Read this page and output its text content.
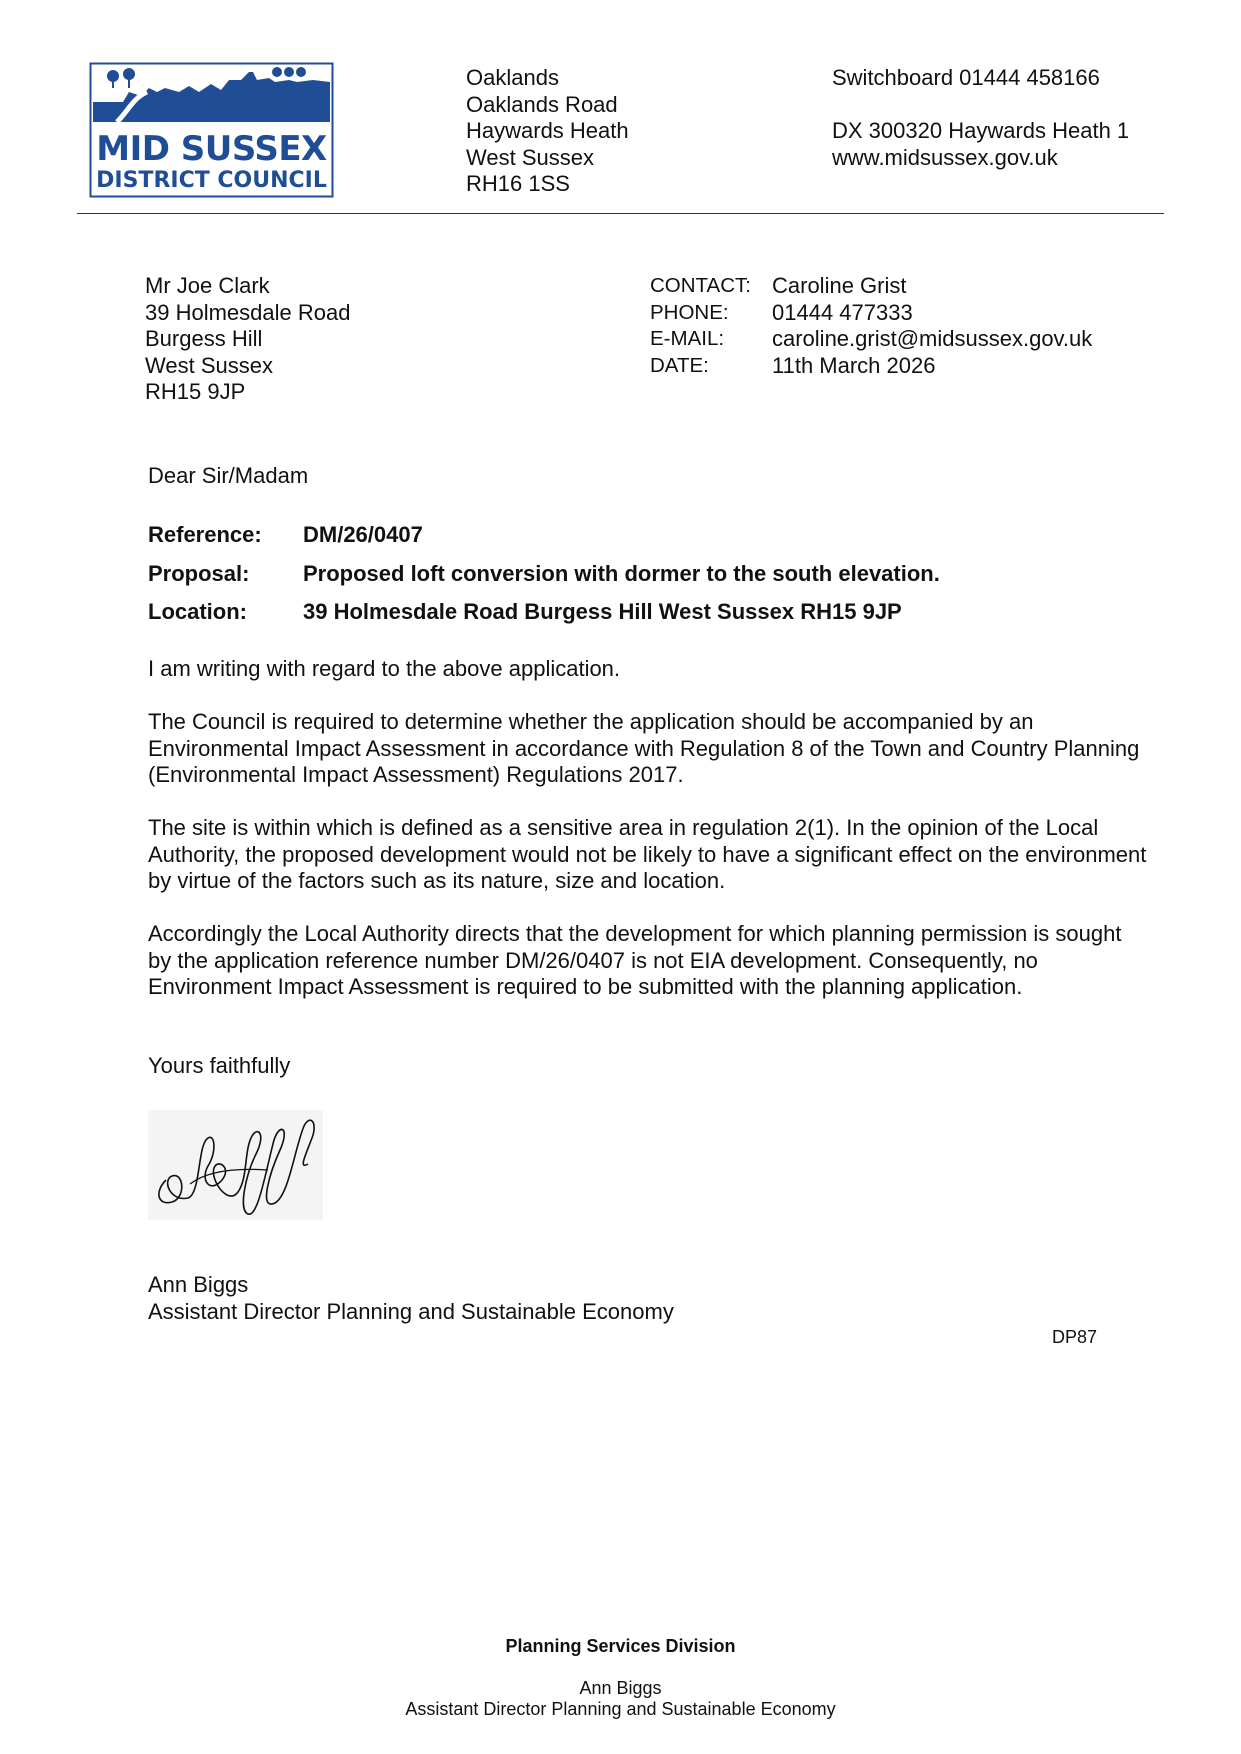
MID SUSSEX
DISTRICT COUNCIL
Oaklands
Oaklands Road
Haywards Heath
West Sussex
RH16 1SS
Switchboard 01444 458166
DX 300320 Haywards Heath 1
www.midsussex.gov.uk
Mr Joe Clark
39 Holmesdale Road
Burgess Hill
West Sussex
RH15 9JP
CONTACT: Caroline Grist
PHONE:	01444 477333
E-MAIL:	caroline.grist@midsussex.gov.uk
DATE:	11th March 2026
Dear Sir/Madam
Reference:	DM/26/0407
Proposal:	Proposed loft conversion with dormer to the south elevation.
Location:	39 Holmesdale Road Burgess Hill West Sussex RH15 9JP

I am writing with regard to the above application.

The Council is required to determine whether the application should be accompanied by an Environmental Impact Assessment in accordance with Regulation 8 of the Town and Country Planning (Environmental Impact Assessment) Regulations 2017.

The site is within which is defined as a sensitive area in regulation 2(1). In the opinion of the Local Authority, the proposed development would not be likely to have a significant effect on the environment by virtue of the factors such as its nature, size and location.

Accordingly the Local Authority directs that the development for which planning permission is sought by the application reference number DM/26/0407 is not EIA development. Consequently, no Environment Impact Assessment is required to be submitted with the planning application.

Yours faithfully
Ann Biggs
Assistant Director Planning and Sustainable Economy
DP87
Planning Services Division
Ann Biggs
Assistant Director Planning and Sustainable Economy
